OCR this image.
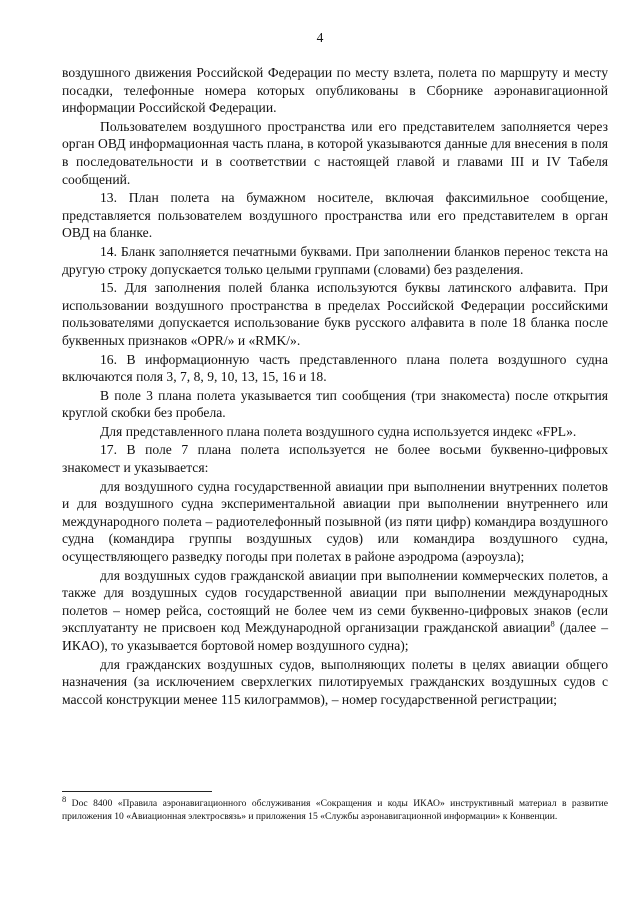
4

воздушного движения Российской Федерации по месту взлета, полета по маршруту и месту посадки, телефонные номера которых опубликованы в Сборнике аэронавигационной информации Российской Федерации.

Пользователем воздушного пространства или его представителем заполняется через орган ОВД информационная часть плана, в которой указываются данные для внесения в поля в последовательности и в соответствии с настоящей главой и главами III и IV Табеля сообщений.

13. План полета на бумажном носителе, включая факсимильное сообщение, представляется пользователем воздушного пространства или его представителем в орган ОВД на бланке.

14. Бланк заполняется печатными буквами. При заполнении бланков перенос текста на другую строку допускается только целыми группами (словами) без разделения.

15. Для заполнения полей бланка используются буквы латинского алфавита. При использовании воздушного пространства в пределах Российской Федерации российскими пользователями допускается использование букв русского алфавита в поле 18 бланка после буквенных признаков «OPR/» и «RMK/».

16. В информационную часть представленного плана полета воздушного судна включаются поля 3, 7, 8, 9, 10, 13, 15, 16 и 18.

В поле 3 плана полета указывается тип сообщения (три знакоместа) после открытия круглой скобки без пробела.

Для представленного плана полета воздушного судна используется индекс «FPL».

17. В поле 7 плана полета используется не более восьми буквенно-цифровых знакомест и указывается:

для воздушного судна государственной авиации при выполнении внутренних полетов и для воздушного судна экспериментальной авиации при выполнении внутреннего или международного полета – радиотелефонный позывной (из пяти цифр) командира воздушного судна (командира группы воздушных судов) или командира воздушного судна, осуществляющего разведку погоды при полетах в районе аэродрома (аэроузла);

для воздушных судов гражданской авиации при выполнении коммерческих полетов, а также для воздушных судов государственной авиации при выполнении международных полетов – номер рейса, состоящий не более чем из семи буквенно-цифровых знаков (если эксплуатанту не присвоен код Международной организации гражданской авиации$^8$ (далее – ИКАО), то указывается бортовой номер воздушного судна);

для гражданских воздушных судов, выполняющих полеты в целях авиации общего назначения (за исключением сверхлегких пилотируемых гражданских воздушных судов с массой конструкции менее 115 килограммов), – номер государственной регистрации;

$^8$ Doc 8400 «Правила аэронавигационного обслуживания «Сокращения и коды ИКАО» инструктивный материал в развитие приложения 10 «Авиационная электросвязь» и приложения 15 «Службы аэронавигационной информации» к Конвенции.
